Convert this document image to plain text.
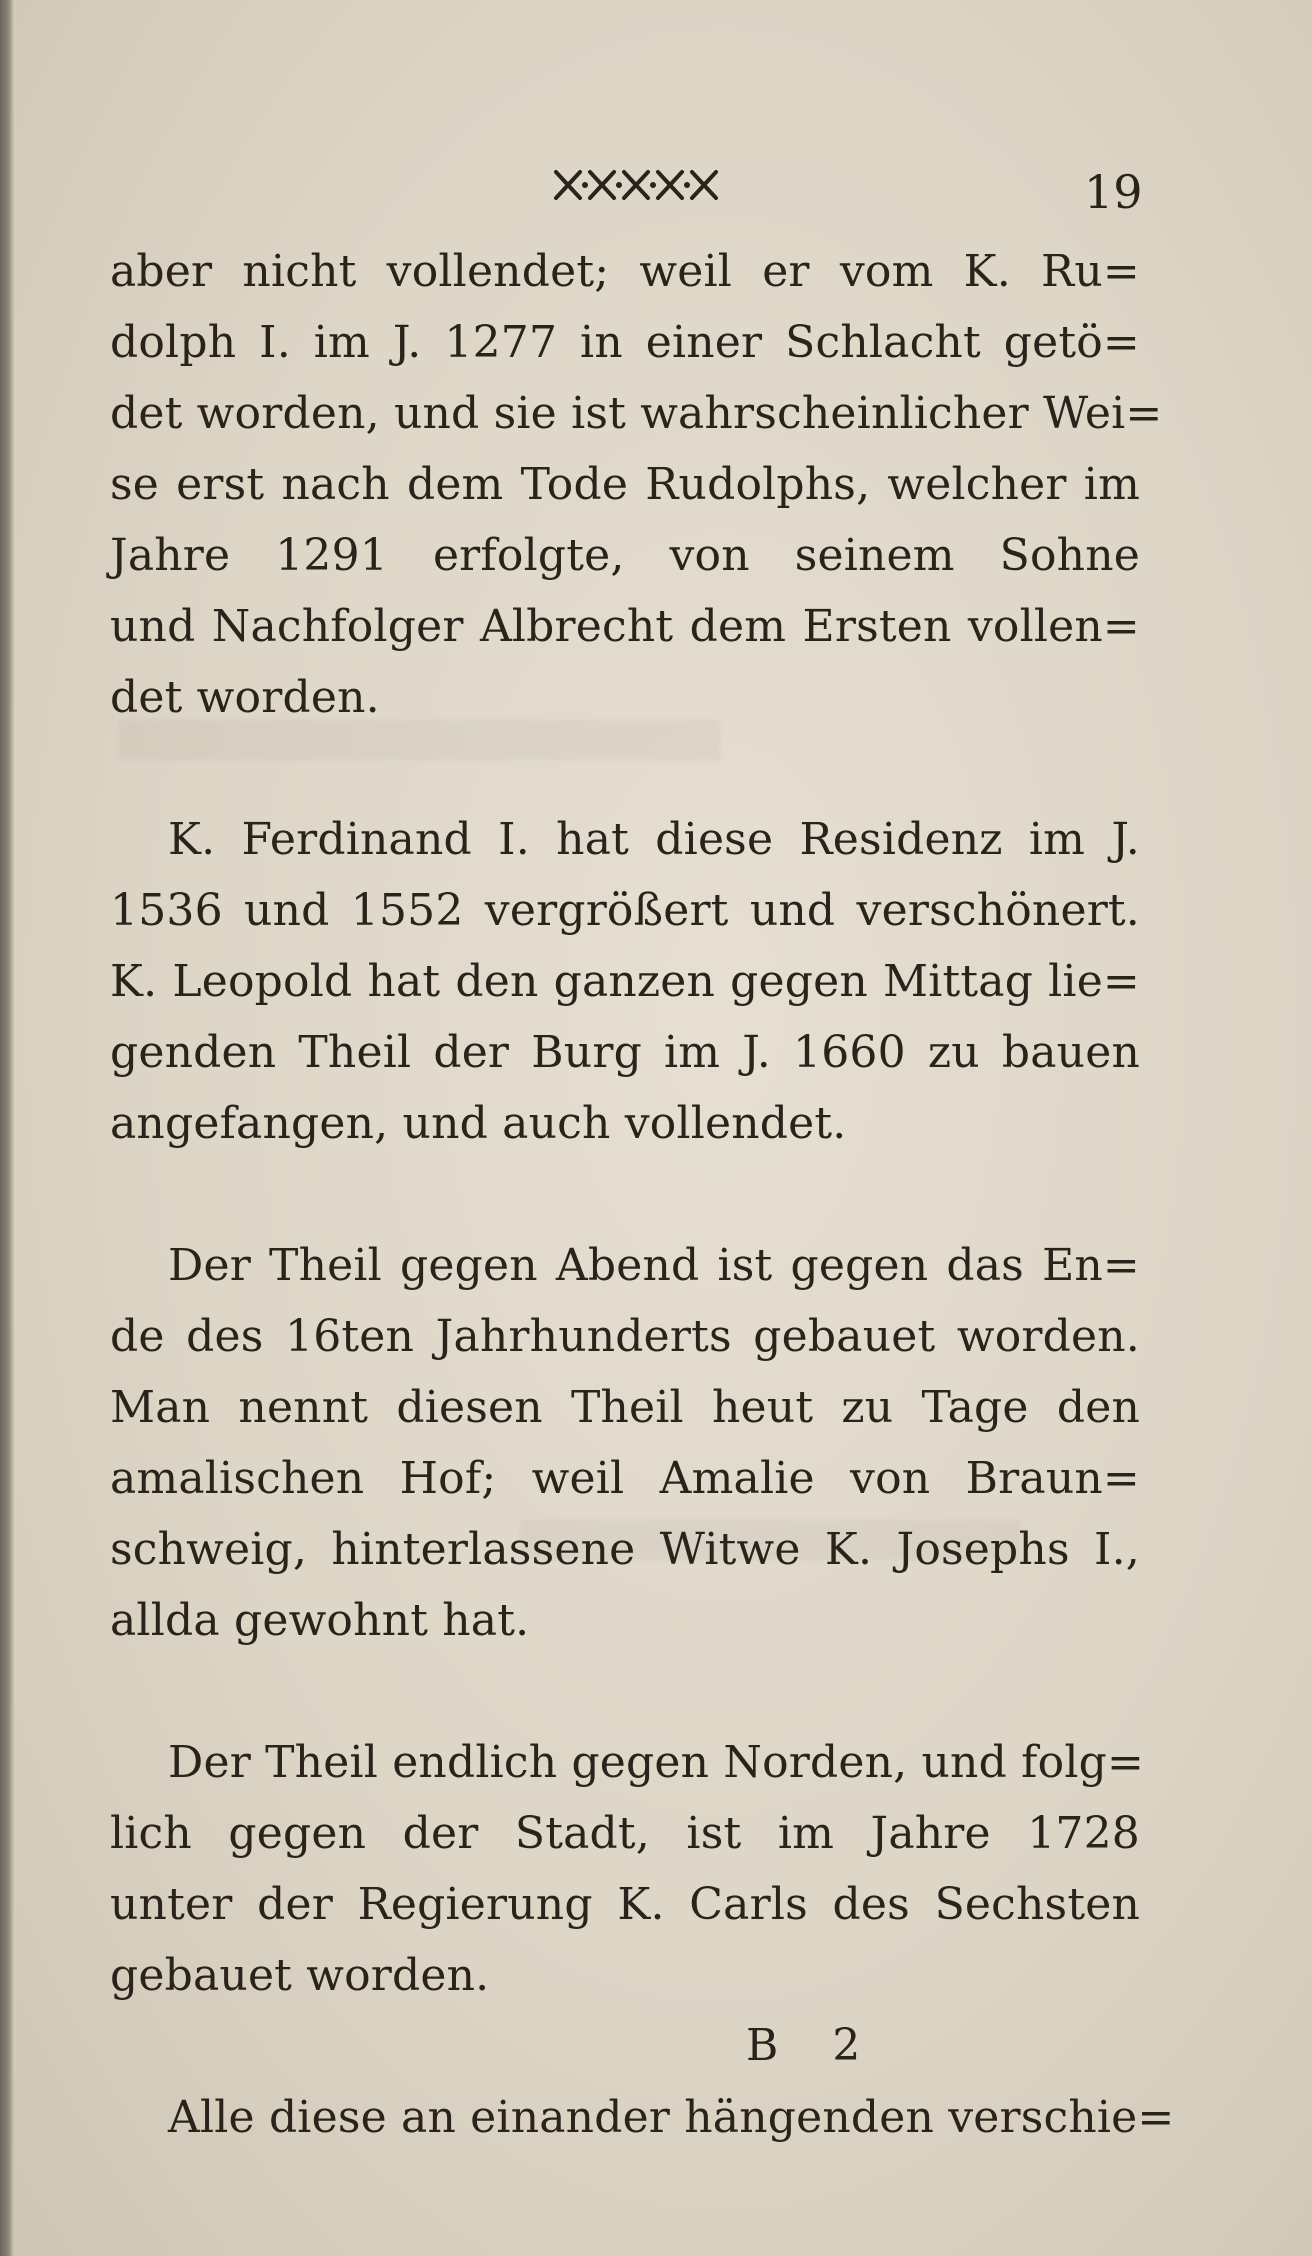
19
aber nicht vollendet; weil er vom K. Ru=
dolph I. im J. 1277 in einer Schlacht getö=
det worden, und sie ist wahrscheinlicher Wei=
se erst nach dem Tode Rudolphs, welcher im
Jahre 1291 erfolgte, von seinem Sohne
und Nachfolger Albrecht dem Ersten vollen=
det worden.
K. Ferdinand I. hat diese Residenz im J.
1536 und 1552 vergrößert und verschönert.
K. Leopold hat den ganzen gegen Mittag lie=
genden Theil der Burg im J. 1660 zu bauen
angefangen, und auch vollendet.
Der Theil gegen Abend ist gegen das En=
de des 16ten Jahrhunderts gebauet worden.
Man nennt diesen Theil heut zu Tage den
amalischen Hof; weil Amalie von Braun=
schweig, hinterlassene Witwe K. Josephs I.,
allda gewohnt hat.
Der Theil endlich gegen Norden, und folg=
lich gegen der Stadt, ist im Jahre 1728
unter der Regierung K. Carls des Sechsten
gebauet worden.
Alle diese an einander hängenden verschie=
B 2
